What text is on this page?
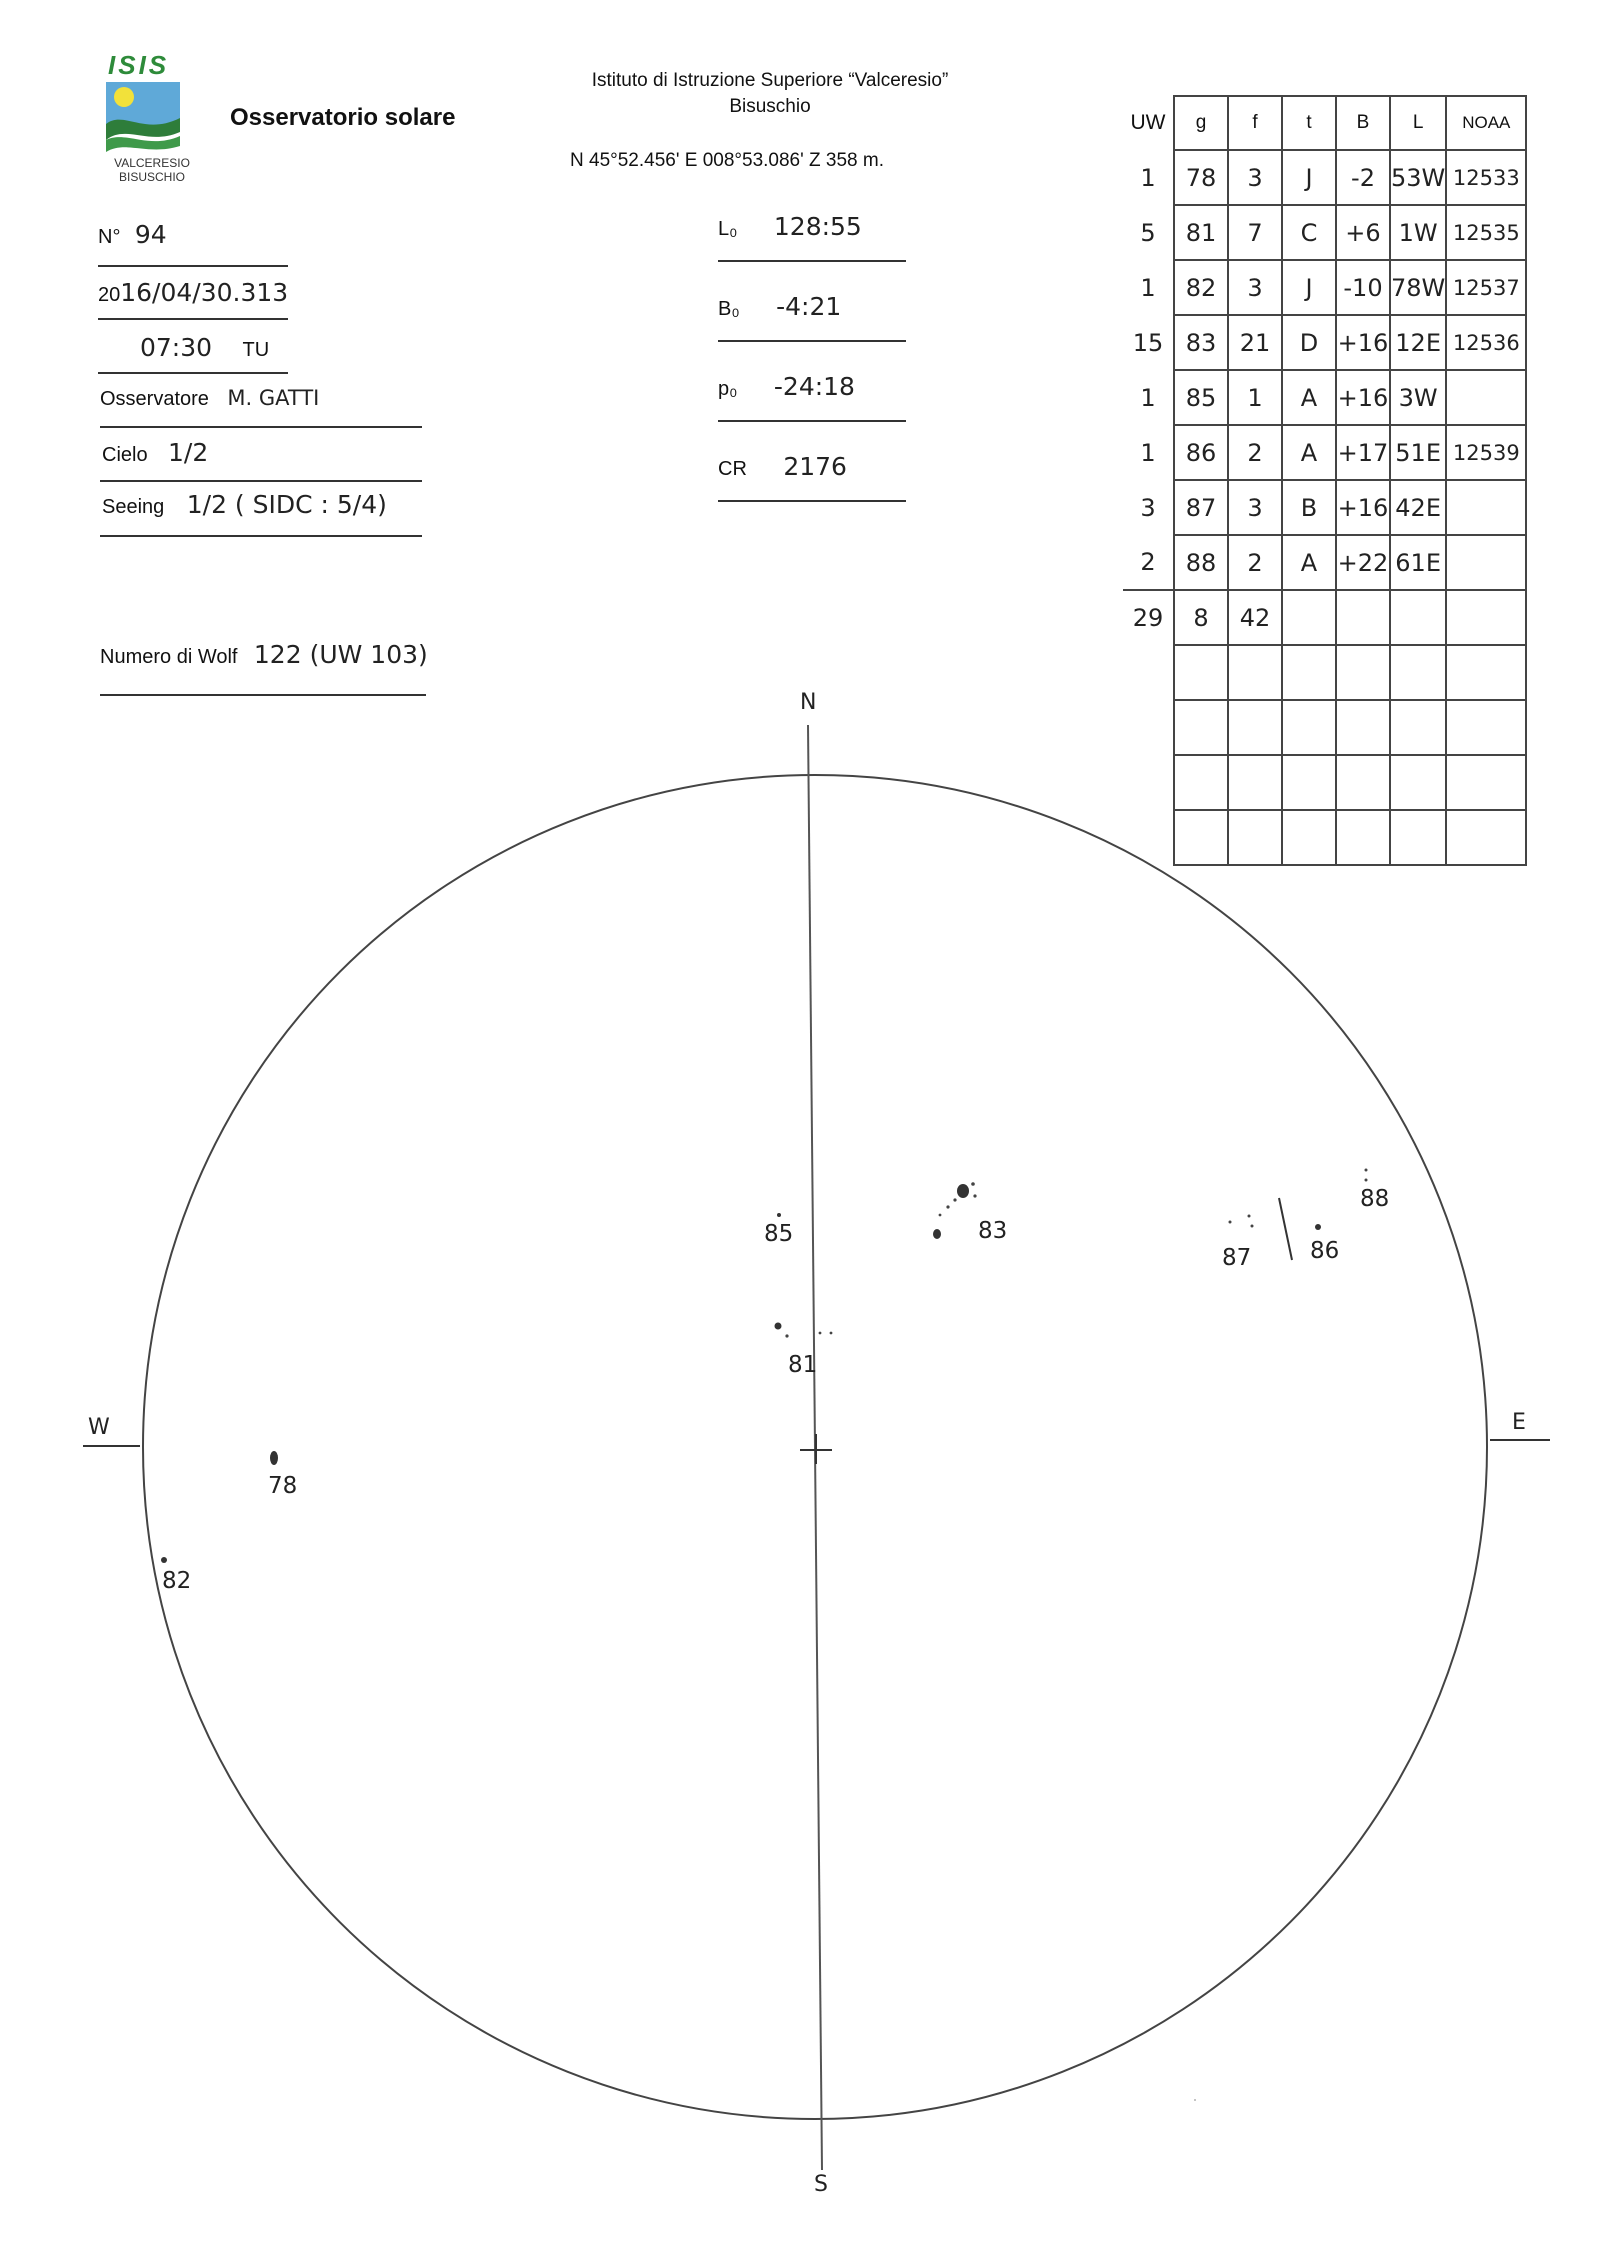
ISIS
VALCERESIO
BISUSCHIO
Osservatorio solare
Istituto di Istruzione Superiore “Valceresio”
Bisuschio
N 45°52.456' E 008°53.086' Z 358 m.
N° 94
2016/04/30.313
07:30 TU
Osservatore M. GATTI
Cielo 1/2
Seeing 1/2 ( SIDC : 5/4)
Numero di Wolf 122 (UW 103)
L₀ 128:55
B₀ -4:21
p₀ -24:18
CR 2176
UW	g	f	t	B	L	NOAA
1	78	3	J	-2	53W	12533
5	81	7	C	+6	1W	12535
1	82	3	J	-10	78W	12537
15	83	21	D	+16	12E	12536
1	85	1	A	+16	3W	
1	86	2	A	+17	51E	12539
3	87	3	B	+16	42E	
2	88	2	A	+22	61E	
29	8	42				

N
S
E
W
78
81
82
83
85
86
87
88
